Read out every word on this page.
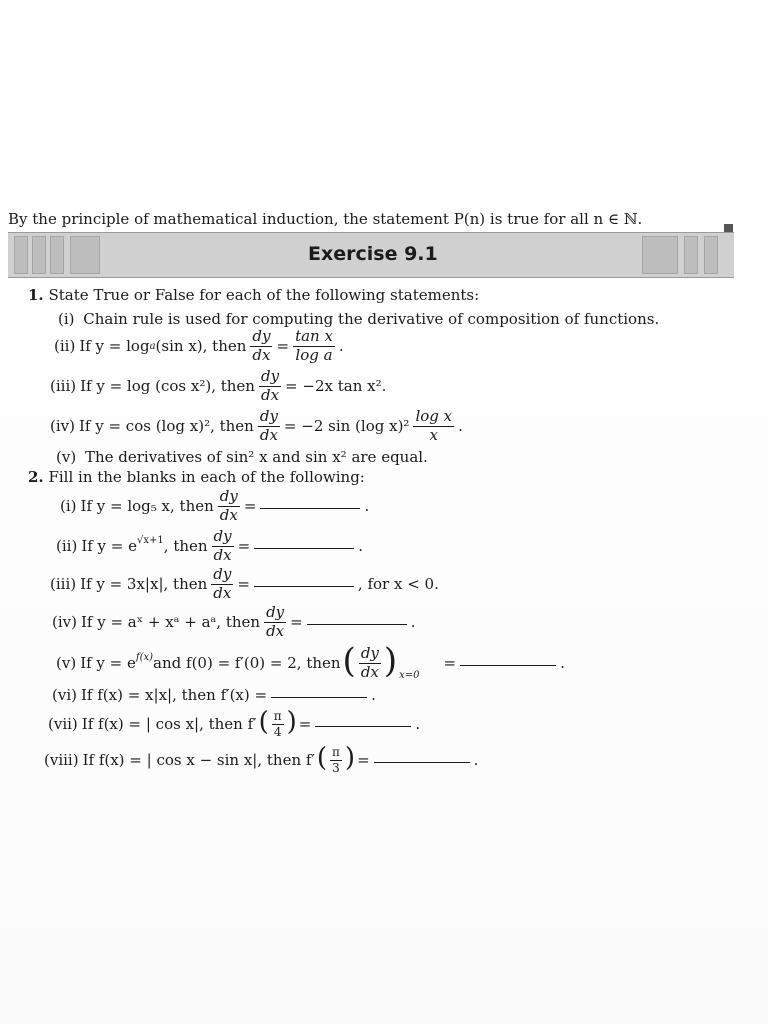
By the principle of mathematical induction, the statement P(n) is true for all n ∈ ℕ.
Exercise 9.1
1. State True or False for each of the following statements:
(i) Chain rule is used for computing the derivative of composition of functions.
(ii) If y = log a (sin x), then $\frac{dy}{dx} = \frac{\text{tan x}}{\text{log a}}$ .
(iii) If y = log (cos x²), then $\frac{dy}{dx} = -2x$ tan x².
(iv) If y = cos (log x)², then $\frac{dy}{dx} = -2$ sin (log $x)^2 \frac{\text{log x}}{x}$ .
(v) The derivatives of sin² x and sin x² are equal.
2. Fill in the blanks in each of the following:
(i) If y = log₅ x, then $\frac{dy}{dx}$ =	.
(ii) If $y = e^{√x+1}$ , then $\frac{dy}{dx}$ =	.
(iii) If y = 3x|x|, then $\frac{dy}{dx}$ =	, for x < 0.
(iv) If y = aˣ + xᵃ + aᵃ, then $\frac{dy}{dx}$ =	.
(v) If $y = e^{f(x)}$ and f(0) = f′(0) = 2, then ( $\frac{dy}{dx}$ ) x=0
=	.
(vi) If f(x) = x|x|, then f′(x) =	.
(vii) If f(x) = | cos x|, then f′ ( $\frac{\pi}{4}$ ) =	.
(viii) If f(x) = | cos x − sin x|, then f′ ( $\frac{\pi}{3}$ ) =	.
